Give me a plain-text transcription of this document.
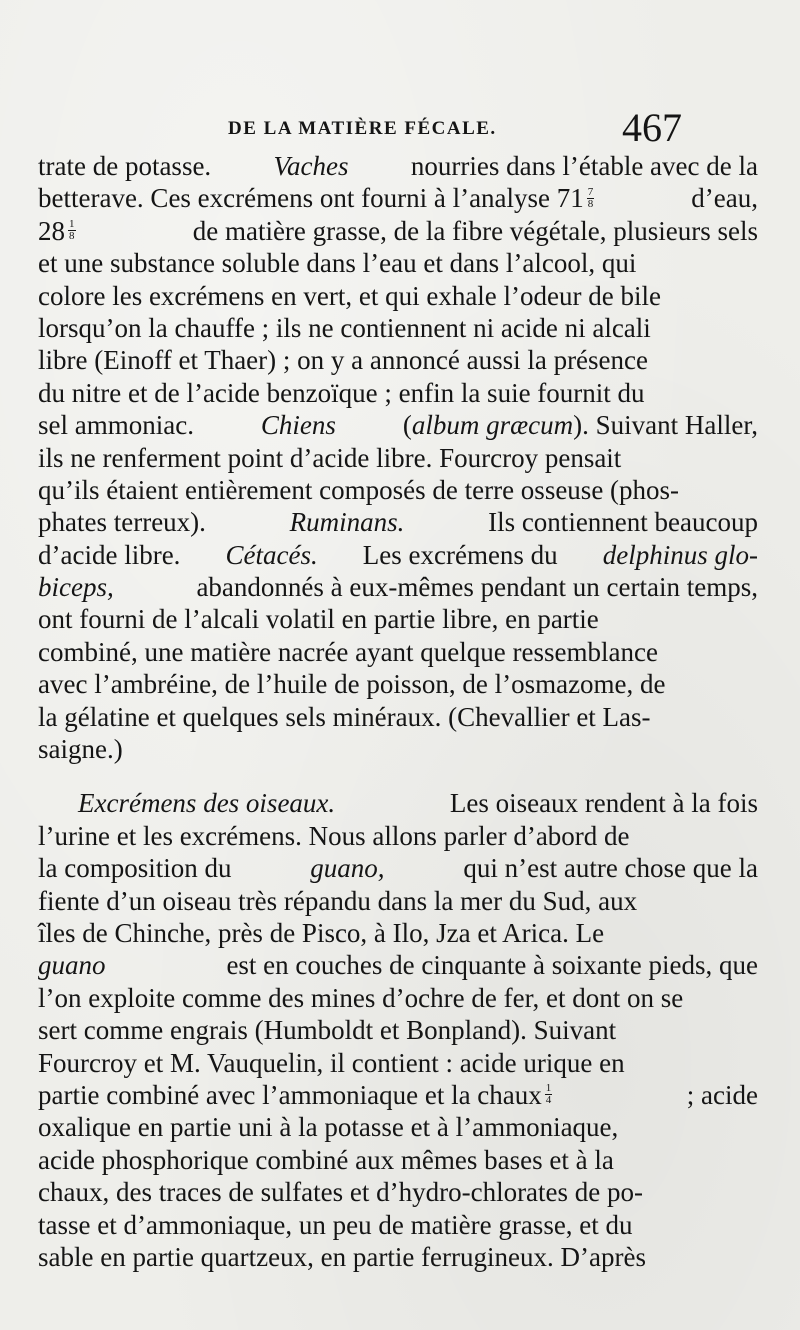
DE LA MATIÈRE FÉCALE.	467
trate de potasse. Vaches nourries dans l’étable avec de la
betterave. Ces excrémens ont fourni à l’analyse $71 \frac{7}{8}$	d’eau,
$28 \frac{1}{8}$	de matière grasse, de la fibre végétale, plusieurs sels
et une substance soluble dans l’eau et dans l’alcool, qui
colore les excrémens en vert, et qui exhale l’odeur de bile
lorsqu’on la chauffe ; ils ne contiennent ni acide ni alcali
libre (Einoff et Thaer) ; on y a annoncé aussi la présence
du nitre et de l’acide benzoïque ; enfin la suie fournit du
sel ammoniac. Chiens (album græcum). Suivant Haller,
ils ne renferment point d’acide libre. Fourcroy pensait
qu’ils étaient entièrement composés de terre osseuse (phos-
phates terreux).	Ruminans.	Ils contiennent beaucoup
d’acide libre. Cétacés. Les excrémens du delphinus glo-
biceps,	abandonnés à eux-mêmes pendant un certain temps,
ont fourni de l’alcali volatil en partie libre, en partie
combiné, une matière nacrée ayant quelque ressemblance
avec l’ambréine, de l’huile de poisson, de l’osmazome, de
la gélatine et quelques sels minéraux. (Chevallier et Las-
saigne.)
Excrémens des oiseaux.	Les oiseaux rendent à la fois
l’urine et les excrémens. Nous allons parler d’abord de
la composition du	guano,	qui n’est autre chose que la
fiente d’un oiseau très répandu dans la mer du Sud, aux
îles de Chinche, près de Pisco, à Ilo, Jza et Arica. Le
guano	est en couches de cinquante à soixante pieds, que
l’on exploite comme des mines d’ochre de fer, et dont on se
sert comme engrais (Humboldt et Bonpland). Suivant
Fourcroy et M. Vauquelin, il contient : acide urique en
partie combiné avec l’ammoniaque et la chaux $\frac{1}{4}$	; acide
oxalique en partie uni à la potasse et à l’ammoniaque,
acide phosphorique combiné aux mêmes bases et à la
chaux, des traces de sulfates et d’hydro-chlorates de po-
tasse et d’ammoniaque, un peu de matière grasse, et du
sable en partie quartzeux, en partie ferrugineux. D’après
